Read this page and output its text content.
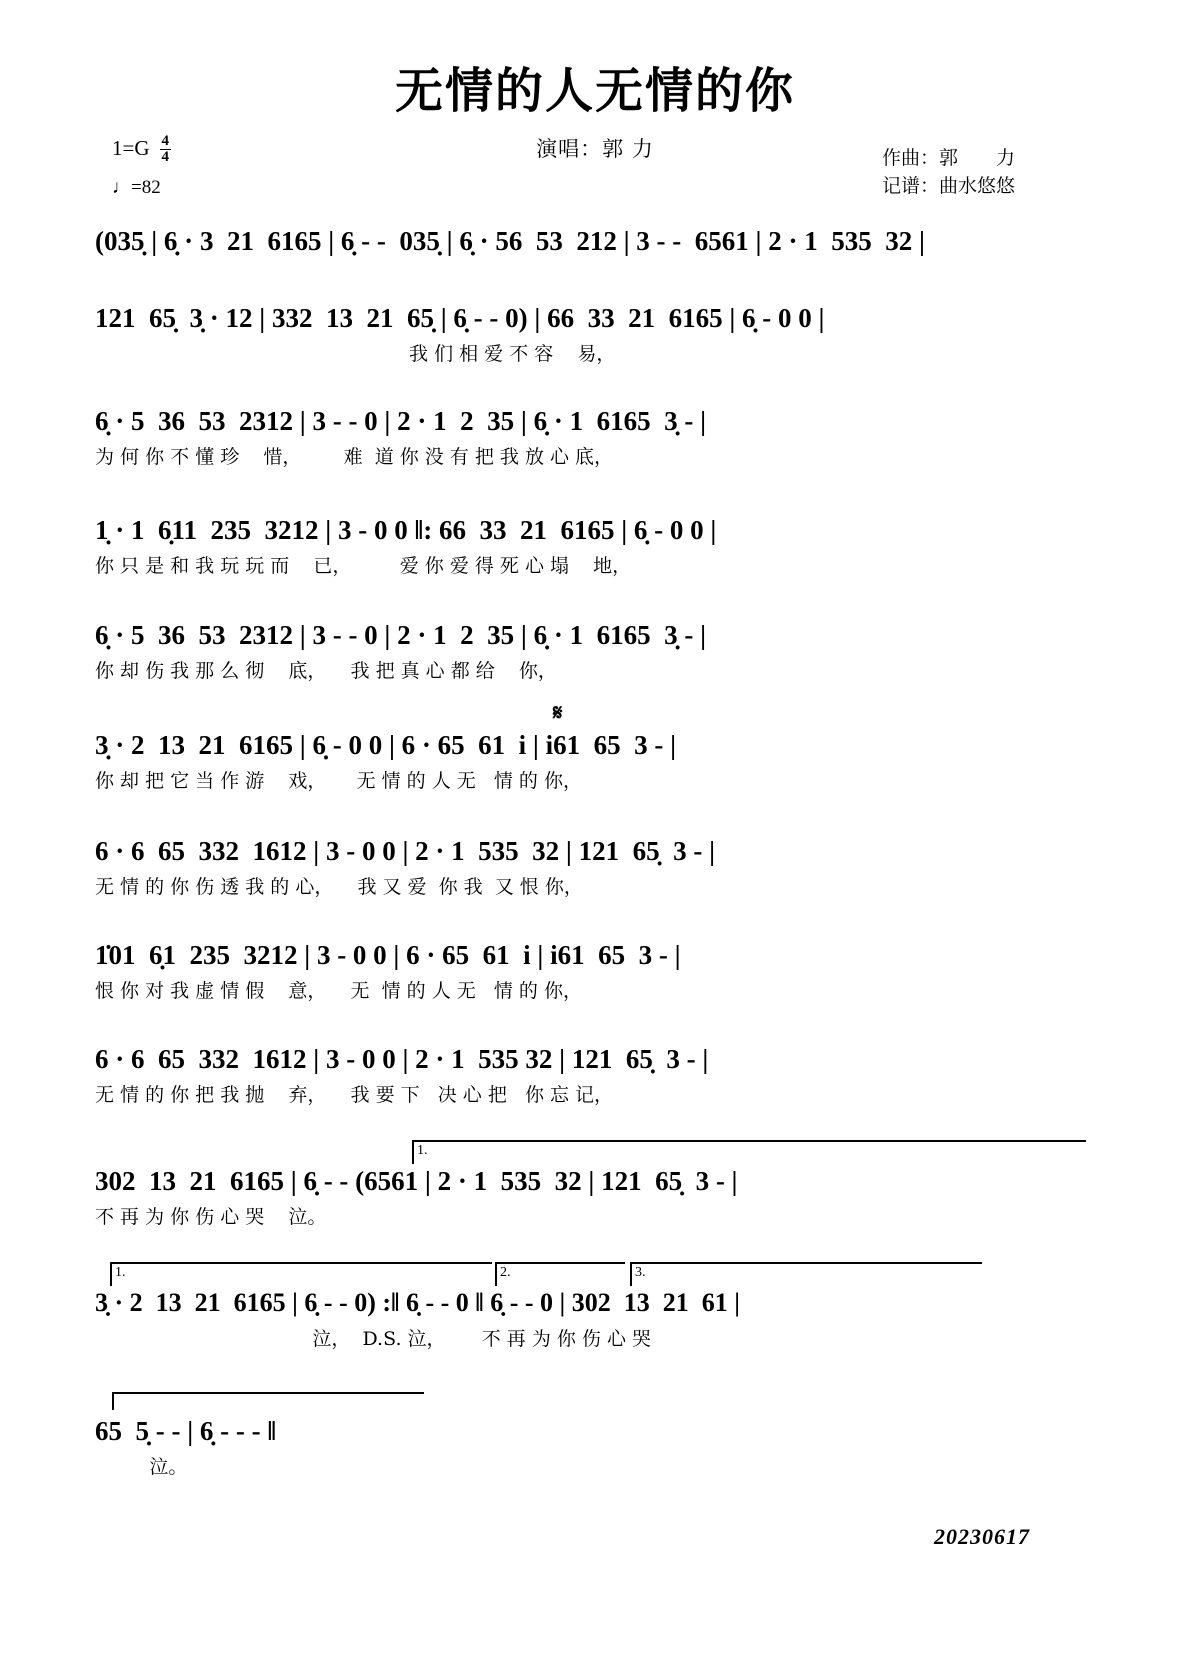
无情的人无情的你
演唱：郭 力
$1=G \frac{4}{4}$
♩=82
作曲：郭　　力
记谱：曲水悠悠
(035̣ | 6̣ · 3  21  6165 | 6̣ - -  035̣ | 6̣ · 56  53  212 | 3 - -  6561 | 2 · 1  535  32 |
121  65̣  3̣ · 12 | 332  13  21  65̣ | 6̣ - - 0) | 66  33  21  6165 | 6̣ - 0 0 |
我 们 相 爱 不 容    易，
6̣ · 5  36  53  2312 | 3 - - 0 | 2 · 1  2  35 | 6̣ · 1  6165  3̣ - |
为 何 你 不 懂 珍    惜，       难  道 你 没 有 把 我 放 心 底，
1̣ · 1  6̣11  235  3212 | 3 - 0 0 ‖: 66  33  21  6165 | 6̣ - 0 0 |
你 只 是 和 我 玩 玩 而    已，        爱 你 爱 得 死 心 塌    地，
6̣ · 5  36  53  2312 | 3 - - 0 | 2 · 1  2  35 | 6̣ · 1  6165  3̣ - |
你 却 伤 我 那 么 彻    底，    我 把 真 心 都 给    你，
𝄋
3̣ · 2  13  21  6165 | 6̣ - 0 0 | 6 · 65  61  i | i61  65  3 - |
你 却 把 它 当 作 游    戏，     无 情 的 人 无   情 的 你，
6 · 6  65  332  1612 | 3 - 0 0 | 2 · 1  535  32 | 121  65̣  3 - |
无 情 的 你 伤 透 我 的 心，    我 又 爱  你 我  又 恨 你，
1̇01  6̣1  235  3212 | 3 - 0 0 | 6 · 65  61  i | i61  65  3 - |
恨 你 对 我 虚 情 假    意，    无  情 的 人 无   情 的 你，
6 · 6  65  332  1612 | 3 - 0 0 | 2 · 1  535 32 | 121  65̣  3 - |
无 情 的 你 把 我 抛    弃，    我 要 下   决 心 把   你 忘 记，
1.
302  13  21  6165 | 6̣ - - (6561 | 2 · 1  535  32 | 121  65̣  3 - |
不 再 为 你 伤 心 哭    泣。
1.	2.	3.
3̣ · 2  13  21  6165 | 6̣ - - 0) :‖ 6̣ - - 0 ‖ 6̣ - - 0 | 302  13  21  61 |
泣，  D.S. 泣，      不 再 为 你 伤 心 哭
65  5̣ - - | 6̣ - - - ‖
泣。
20230617
